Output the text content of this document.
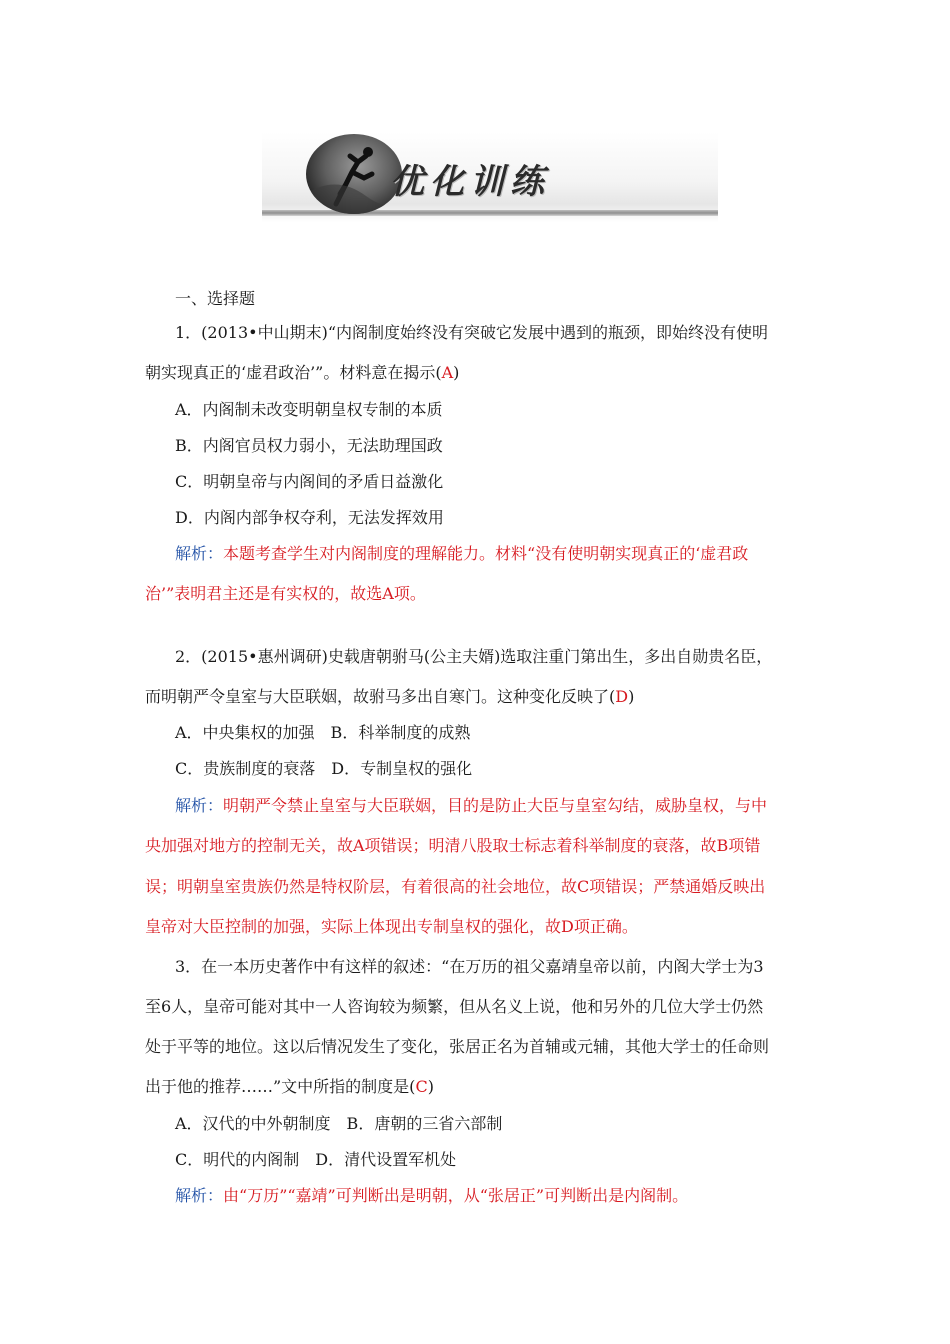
优化训练
一、选择题
1．(2013•中山期末)“内阁制度始终没有突破它发展中遇到的瓶颈，即始终没有使明
朝实现真正的‘虚君政治’”。材料意在揭示(A)
A．内阁制未改变明朝皇权专制的本质
B．内阁官员权力弱小，无法助理国政
C．明朝皇帝与内阁间的矛盾日益激化
D．内阁内部争权夺利，无法发挥效用
解析：本题考查学生对内阁制度的理解能力。材料“没有使明朝实现真正的‘虚君政
治’”表明君主还是有实权的，故选A项。
2．(2015•惠州调研)史载唐朝驸马(公主夫婿)选取注重门第出生，多出自勋贵名臣，
而明朝严令皇室与大臣联姻，故驸马多出自寒门。这种变化反映了(D)
A．中央集权的加强　B．科举制度的成熟
C．贵族制度的衰落　D．专制皇权的强化
解析：明朝严令禁止皇室与大臣联姻，目的是防止大臣与皇室勾结，威胁皇权，与中
央加强对地方的控制无关，故A项错误；明清八股取士标志着科举制度的衰落，故B项错
误；明朝皇室贵族仍然是特权阶层，有着很高的社会地位，故C项错误；严禁通婚反映出
皇帝对大臣控制的加强，实际上体现出专制皇权的强化，故D项正确。
3．在一本历史著作中有这样的叙述：“在万历的祖父嘉靖皇帝以前，内阁大学士为3
至6人，皇帝可能对其中一人咨询较为频繁，但从名义上说，他和另外的几位大学士仍然
处于平等的地位。这以后情况发生了变化，张居正名为首辅或元辅，其他大学士的任命则
出于他的推荐……”文中所指的制度是(C)
A．汉代的中外朝制度　B．唐朝的三省六部制
C．明代的内阁制　D．清代设置军机处
解析：由“万历”“嘉靖”可判断出是明朝，从“张居正”可判断出是内阁制。
